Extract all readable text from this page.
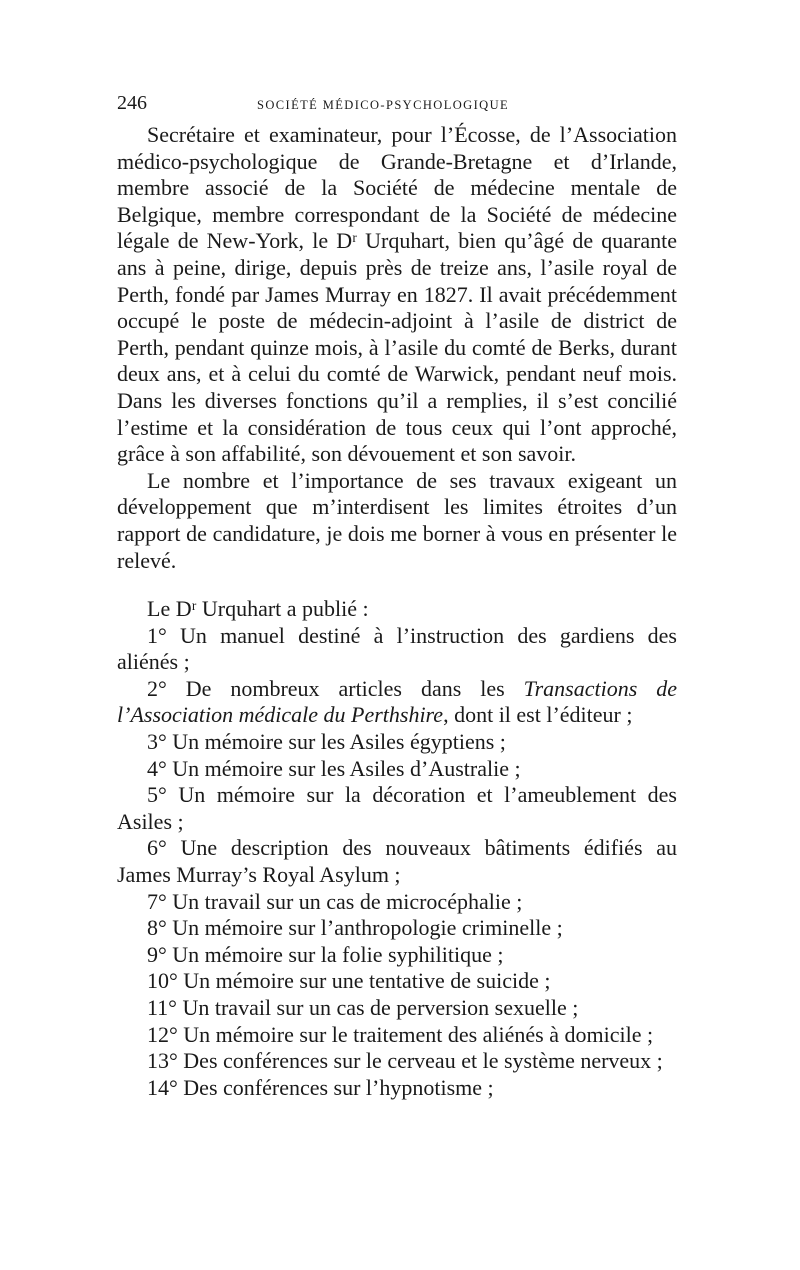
246	SOCIÉTÉ MÉDICO-PSYCHOLOGIQUE

Secrétaire et examinateur, pour l’Écosse, de l’Association médico-psychologique de Grande-Bretagne et d’Irlande, membre associé de la Société de médecine mentale de Belgique, membre correspondant de la Société de médecine légale de New-York, le Dʳ Urquhart, bien qu’âgé de quarante ans à peine, dirige, depuis près de treize ans, l’asile royal de Perth, fondé par James Murray en 1827. Il avait précédemment occupé le poste de médecin-adjoint à l’asile de district de Perth, pendant quinze mois, à l’asile du comté de Berks, durant deux ans, et à celui du comté de Warwick, pendant neuf mois. Dans les diverses fonctions qu’il a remplies, il s’est concilié l’estime et la considération de tous ceux qui l’ont approché, grâce à son affabilité, son dévouement et son savoir.

Le nombre et l’importance de ses travaux exigeant un développement que m’interdisent les limites étroites d’un rapport de candidature, je dois me borner à vous en présenter le relevé.

Le Dʳ Urquhart a publié :

1° Un manuel destiné à l’instruction des gardiens des aliénés ;

2° De nombreux articles dans les Transactions de l’Association médicale du Perthshire, dont il est l’éditeur ;

3° Un mémoire sur les Asiles égyptiens ;

4° Un mémoire sur les Asiles d’Australie ;

5° Un mémoire sur la décoration et l’ameublement des Asiles ;

6° Une description des nouveaux bâtiments édifiés au James Murray’s Royal Asylum ;

7° Un travail sur un cas de microcéphalie ;

8° Un mémoire sur l’anthropologie criminelle ;

9° Un mémoire sur la folie syphilitique ;

10° Un mémoire sur une tentative de suicide ;

11° Un travail sur un cas de perversion sexuelle ;

12° Un mémoire sur le traitement des aliénés à domicile ;

13° Des conférences sur le cerveau et le système nerveux ;

14° Des conférences sur l’hypnotisme ;
